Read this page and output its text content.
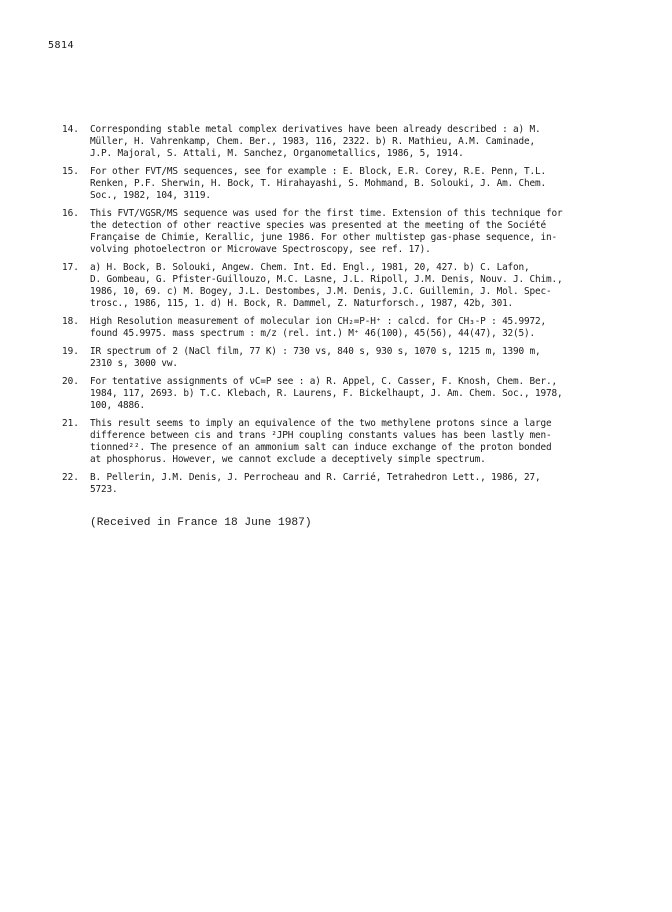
5814
14.	Corresponding stable metal complex derivatives have been already described : a) M.
Müller, H. Vahrenkamp, Chem. Ber., 1983, 116, 2322. b) R. Mathieu, A.M. Caminade,
J.P. Majoral, S. Attali, M. Sanchez, Organometallics, 1986, 5, 1914.
15.	For other FVT/MS sequences, see for example : E. Block, E.R. Corey, R.E. Penn, T.L.
Renken, P.F. Sherwin, H. Bock, T. Hirahayashi, S. Mohmand, B. Solouki, J. Am. Chem.
Soc., 1982, 104, 3119.
16.	This FVT/VGSR/MS sequence was used for the first time. Extension of this technique for
the detection of other reactive species was presented at the meeting of the Société
Française de Chimie, Kerallic, june 1986. For other multistep gas-phase sequence, in-
volving photoelectron or Microwave Spectroscopy, see ref. 17).
17.	a) H. Bock, B. Solouki, Angew. Chem. Int. Ed. Engl., 1981, 20, 427. b) C. Lafon,
D. Gombeau, G. Pfister-Guillouzo, M.C. Lasne, J.L. Ripoll, J.M. Denis, Nouv. J. Chim.,
1986, 10, 69. c) M. Bogey, J.L. Destombes, J.M. Denis, J.C. Guillemin, J. Mol. Spec-
trosc., 1986, 115, 1. d) H. Bock, R. Dammel, Z. Naturforsch., 1987, 42b, 301.
18.	High Resolution measurement of molecular ion CH₂=P-H⁺ : calcd. for CH₃-P : 45.9972,
found 45.9975. mass spectrum : m/z (rel. int.) M⁺ 46(100), 45(56), 44(47), 32(5).
19.	IR spectrum of 2 (NaCl film, 77 K) : 730 vs, 840 s, 930 s, 1070 s, 1215 m, 1390 m,
2310 s, 3000 vw.
20.	For tentative assignments of νC=P see : a) R. Appel, C. Casser, F. Knosh, Chem. Ber.,
1984, 117, 2693. b) T.C. Klebach, R. Laurens, F. Bickelhaupt, J. Am. Chem. Soc., 1978,
100, 4886.
21.	This result seems to imply an equivalence of the two methylene protons since a large
difference between cis and trans ²JPH coupling constants values has been lastly men-
tionned²². The presence of an ammonium salt can induce exchange of the proton bonded
at phosphorus. However, we cannot exclude a deceptively simple spectrum.
22.	B. Pellerin, J.M. Denis, J. Perrocheau and R. Carrié, Tetrahedron Lett., 1986, 27,
5723.
(Received in France 18 June 1987)
